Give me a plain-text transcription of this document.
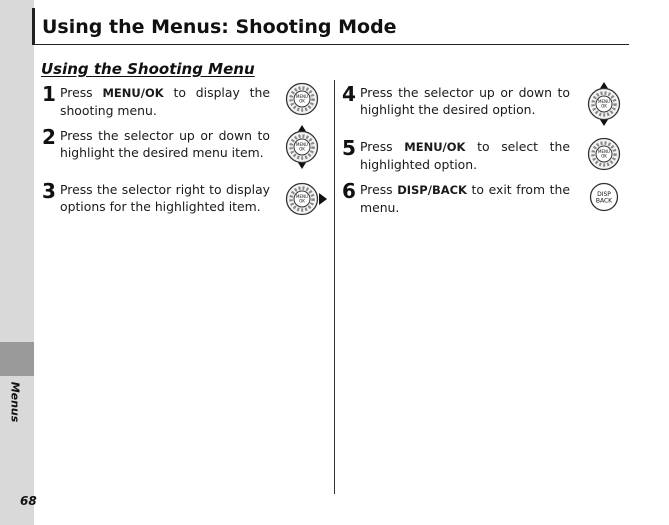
Menus
68
Using the Menus: Shooting Mode
Using the Shooting Menu
1 Press MENU/OK to display the shooting menu.
MENU
OK
2 Press the selector up or down to highlight the desired menu item.
MENU
OK
3 Press the selector right to display options for the highlighted item.
MENU
OK
4 Press the selector up or down to highlight the desired option.
MENU
OK
5 Press MENU/OK to select the highlighted option.
MENU
OK
6 Press DISP/BACK to exit from the menu.
DISP
BACK
